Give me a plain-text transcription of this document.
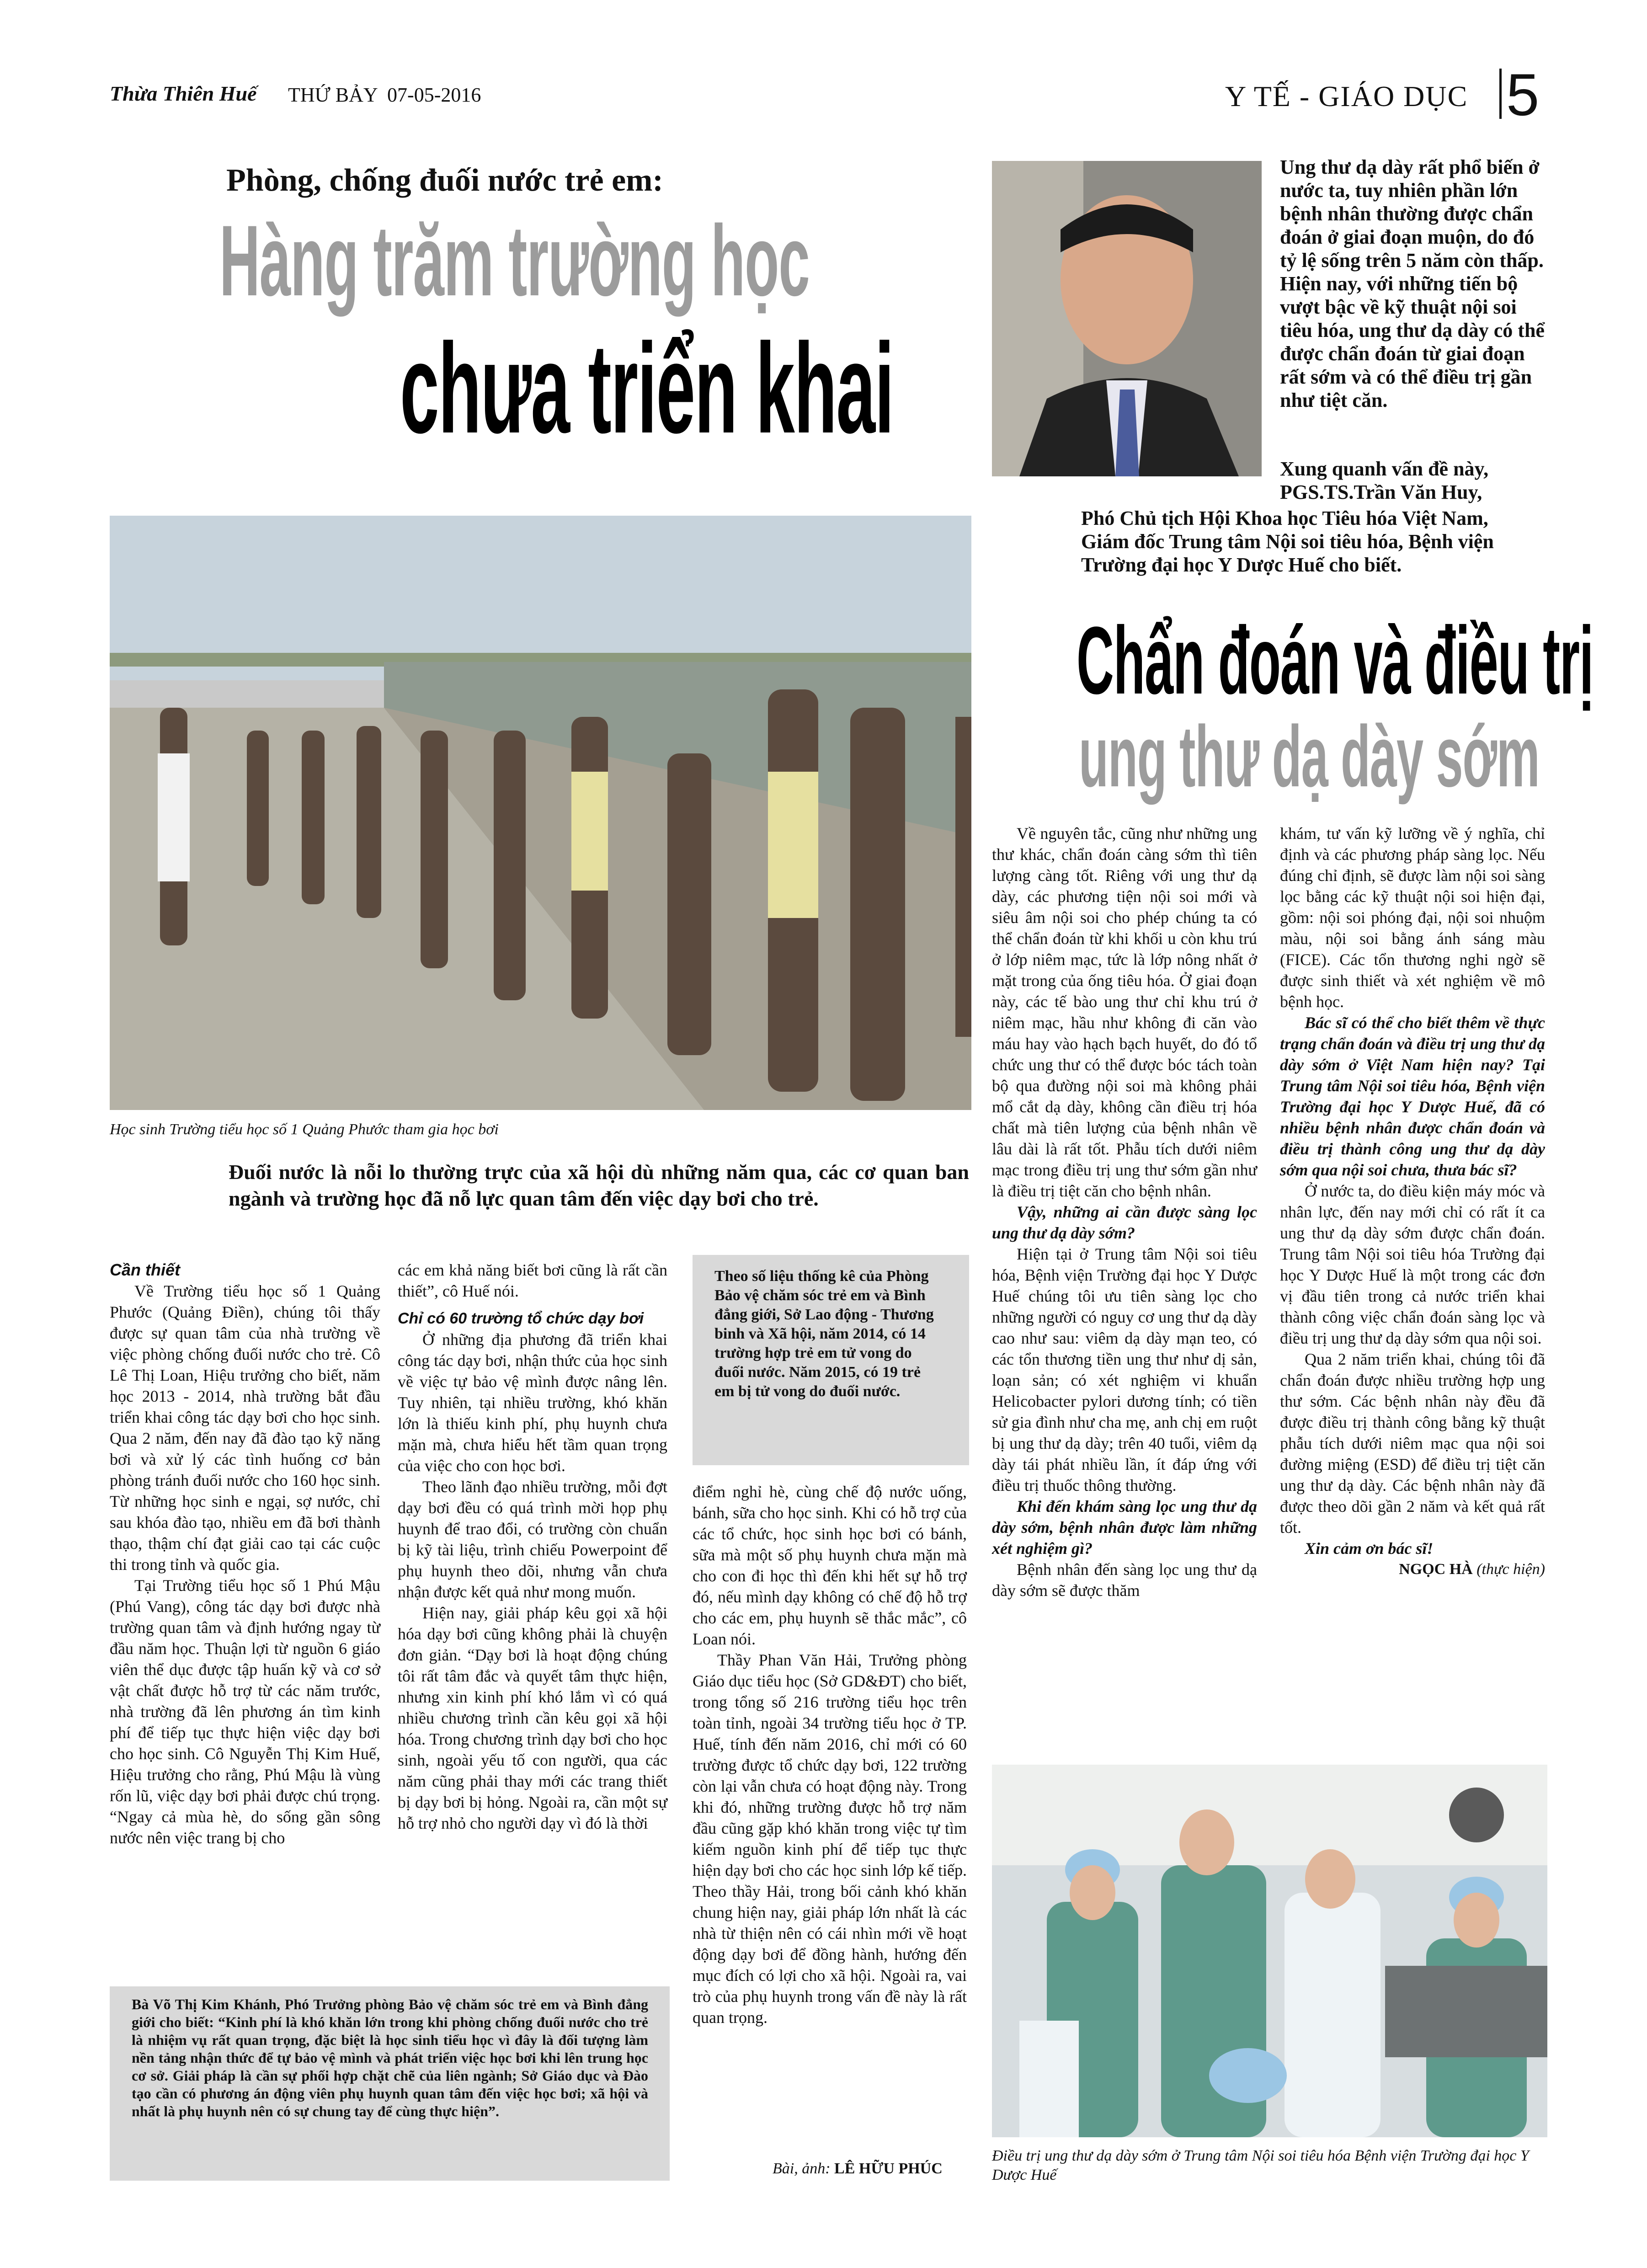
Thừa Thiên Huế THỨ BẢY  07-05-2016	Y TẾ - GIÁO DỤC 5
Phòng, chống đuối nước trẻ em:
Hàng trăm trường học
chưa triển khai
Học sinh Trường tiểu học số 1 Quảng Phước tham gia học bơi
Đuối nước là nỗi lo thường trực của xã hội dù những năm qua, các cơ quan ban ngành và trường học đã nỗ lực quan tâm đến việc dạy bơi cho trẻ.

Cần thiết

Về Trường tiểu học số 1 Quảng Phước (Quảng Điền), chúng tôi thấy được sự quan tâm của nhà trường về việc phòng chống đuối nước cho trẻ. Cô Lê Thị Loan, Hiệu trưởng cho biết, năm học 2013 - 2014, nhà trường bắt đầu triển khai công tác dạy bơi cho học sinh. Qua 2 năm, đến nay đã đào tạo kỹ năng bơi và xử lý các tình huống cơ bản phòng tránh đuối nước cho 160 học sinh. Từ những học sinh e ngại, sợ nước, chỉ sau khóa đào tạo, nhiều em đã bơi thành thạo, thậm chí đạt giải cao tại các cuộc thi trong tỉnh và quốc gia.

Tại Trường tiểu học số 1 Phú Mậu (Phú Vang), công tác dạy bơi được nhà trường quan tâm và định hướng ngay từ đầu năm học. Thuận lợi từ nguồn 6 giáo viên thể dục được tập huấn kỹ và cơ sở vật chất được hỗ trợ từ các năm trước, nhà trường đã lên phương án tìm kinh phí để tiếp tục thực hiện việc dạy bơi cho học sinh. Cô Nguyễn Thị Kim Huế, Hiệu trưởng cho rằng, Phú Mậu là vùng rốn lũ, việc dạy bơi phải được chú trọng. “Ngay cả mùa hè, do sống gần sông nước nên việc trang bị cho

các em khả năng biết bơi cũng là rất cần thiết”, cô Huế nói.

Chỉ có 60 trường tổ chức dạy bơi

Ở những địa phương đã triển khai công tác dạy bơi, nhận thức của học sinh về việc tự bảo vệ mình được nâng lên. Tuy nhiên, tại nhiều trường, khó khăn lớn là thiếu kinh phí, phụ huynh chưa mặn mà, chưa hiểu hết tầm quan trọng của việc cho con học bơi.

Theo lãnh đạo nhiều trường, mỗi đợt dạy bơi đều có quá trình mời họp phụ huynh để trao đổi, có trường còn chuẩn bị kỹ tài liệu, trình chiếu Powerpoint để phụ huynh theo dõi, nhưng vẫn chưa nhận được kết quả như mong muốn.

Hiện nay, giải pháp kêu gọi xã hội hóa dạy bơi cũng không phải là chuyện đơn giản. “Dạy bơi là hoạt động chúng tôi rất tâm đắc và quyết tâm thực hiện, nhưng xin kinh phí khó lắm vì có quá nhiều chương trình cần kêu gọi xã hội hóa. Trong chương trình dạy bơi cho học sinh, ngoài yếu tố con người, qua các năm cũng phải thay mới các trang thiết bị dạy bơi bị hỏng. Ngoài ra, cần một sự hỗ trợ nhỏ cho người dạy vì đó là thời

Theo số liệu thống kê của Phòng Bảo vệ chăm sóc trẻ em và Bình đẳng giới, Sở Lao động - Thương binh và Xã hội, năm 2014, có 14 trường hợp trẻ em tử vong do đuối nước. Năm 2015, có 19 trẻ em bị tử vong do đuối nước.

điểm nghỉ hè, cùng chế độ nước uống, bánh, sữa cho học sinh. Khi có hỗ trợ của các tổ chức, học sinh học bơi có bánh, sữa mà một số phụ huynh chưa mặn mà cho con đi học thì đến khi hết sự hỗ trợ đó, nếu mình dạy không có chế độ hỗ trợ cho các em, phụ huynh sẽ thắc mắc”, cô Loan nói.

Thầy Phan Văn Hải, Trưởng phòng Giáo dục tiểu học (Sở GD&ĐT) cho biết, trong tổng số 216 trường tiểu học trên toàn tỉnh, ngoài 34 trường tiểu học ở TP. Huế, tính đến năm 2016, chỉ mới có 60 trường được tổ chức dạy bơi, 122 trường còn lại vẫn chưa có hoạt động này. Trong khi đó, những trường được hỗ trợ năm đầu cũng gặp khó khăn trong việc tự tìm kiếm nguồn kinh phí để tiếp tục thực hiện dạy bơi cho các học sinh lớp kế tiếp. Theo thầy Hải, trong bối cảnh khó khăn chung hiện nay, giải pháp lớn nhất là các nhà từ thiện nên có cái nhìn mới về hoạt động dạy bơi để đồng hành, hướng đến mục đích có lợi cho xã hội. Ngoài ra, vai trò của phụ huynh trong vấn đề này là rất quan trọng.

Bà Võ Thị Kim Khánh, Phó Trưởng phòng Bảo vệ chăm sóc trẻ em và Bình đẳng giới cho biết: “Kinh phí là khó khăn lớn trong khi phòng chống đuối nước cho trẻ là nhiệm vụ rất quan trọng, đặc biệt là học sinh tiểu học vì đây là đối tượng làm nền tảng nhận thức để tự bảo vệ mình và phát triển việc học bơi khi lên trung học cơ sở. Giải pháp là cần sự phối hợp chặt chẽ của liên ngành; Sở Giáo dục và Đào tạo cần có phương án động viên phụ huynh quan tâm đến việc học bơi; xã hội và nhất là phụ huynh nên có sự chung tay để cùng thực hiện”.
Bài, ảnh: LÊ HỮU PHÚC
Ung thư dạ dày rất phổ biến ở nước ta, tuy nhiên phần lớn bệnh nhân thường được chẩn đoán ở giai đoạn muộn, do đó tỷ lệ sống trên 5 năm còn thấp. Hiện nay, với những tiến bộ vượt bậc về kỹ thuật nội soi tiêu hóa, ung thư dạ dày có thể được chẩn đoán từ giai đoạn rất sớm và có thể điều trị gần như tiệt căn.
Xung quanh vấn đề này, PGS.TS.Trần Văn Huy,
Phó Chủ tịch Hội Khoa học Tiêu hóa Việt Nam, Giám đốc Trung tâm Nội soi tiêu hóa, Bệnh viện Trường đại học Y Dược Huế cho biết.
Chẩn đoán và điều trị
ung thư dạ dày sớm

Về nguyên tắc, cũng như những ung thư khác, chẩn đoán càng sớm thì tiên lượng càng tốt. Riêng với ung thư dạ dày, các phương tiện nội soi mới và siêu âm nội soi cho phép chúng ta có thể chẩn đoán từ khi khối u còn khu trú ở lớp niêm mạc, tức là lớp nông nhất ở mặt trong của ống tiêu hóa. Ở giai đoạn này, các tế bào ung thư chỉ khu trú ở niêm mạc, hầu như không đi căn vào máu hay vào hạch bạch huyết, do đó tổ chức ung thư có thể được bóc tách toàn bộ qua đường nội soi mà không phải mổ cắt dạ dày, không cần điều trị hóa chất mà tiên lượng của bệnh nhân về lâu dài là rất tốt. Phẫu tích dưới niêm mạc trong điều trị ung thư sớm gần như là điều trị tiệt căn cho bệnh nhân.

Vậy, những ai cần được sàng lọc ung thư dạ dày sớm?

Hiện tại ở Trung tâm Nội soi tiêu hóa, Bệnh viện Trường đại học Y Dược Huế chúng tôi ưu tiên sàng lọc cho những người có nguy cơ ung thư dạ dày cao như sau: viêm dạ dày mạn teo, có các tổn thương tiền ung thư như dị sản, loạn sản; có xét nghiệm vi khuẩn Helicobacter pylori dương tính; có tiền sử gia đình như cha mẹ, anh chị em ruột bị ung thư dạ dày; trên 40 tuổi, viêm dạ dày tái phát nhiều lần, ít đáp ứng với điều trị thuốc thông thường.

Khi đến khám sàng lọc ung thư dạ dày sớm, bệnh nhân được làm những xét nghiệm gì?

Bệnh nhân đến sàng lọc ung thư dạ dày sớm sẽ được thăm

khám, tư vấn kỹ lưỡng về ý nghĩa, chỉ định và các phương pháp sàng lọc. Nếu đúng chỉ định, sẽ được làm nội soi sàng lọc bằng các kỹ thuật nội soi hiện đại, gồm: nội soi phóng đại, nội soi nhuộm màu, nội soi bằng ánh sáng màu (FICE). Các tổn thương nghi ngờ sẽ được sinh thiết và xét nghiệm về mô bệnh học.

Bác sĩ có thể cho biết thêm về thực trạng chẩn đoán và điều trị ung thư dạ dày sớm ở Việt Nam hiện nay? Tại Trung tâm Nội soi tiêu hóa, Bệnh viện Trường đại học Y Dược Huế, đã có nhiều bệnh nhân được chẩn đoán và điều trị thành công ung thư dạ dày sớm qua nội soi chưa, thưa bác sĩ?

Ở nước ta, do điều kiện máy móc và nhân lực, đến nay mới chỉ có rất ít ca ung thư dạ dày sớm được chẩn đoán. Trung tâm Nội soi tiêu hóa Trường đại học Y Dược Huế là một trong các đơn vị đầu tiên trong cả nước triển khai thành công việc chẩn đoán sàng lọc và điều trị ung thư dạ dày sớm qua nội soi.

Qua 2 năm triển khai, chúng tôi đã chẩn đoán được nhiều trường hợp ung thư sớm. Các bệnh nhân này đều đã được điều trị thành công bằng kỹ thuật phẫu tích dưới niêm mạc qua nội soi đường miệng (ESD) để điều trị tiệt căn ung thư dạ dày. Các bệnh nhân này đã được theo dõi gần 2 năm và kết quả rất tốt.

Xin cảm ơn bác sĩ!

NGỌC HÀ (thực hiện)

Điều trị ung thư dạ dày sớm ở Trung tâm Nội soi tiêu hóa Bệnh viện Trường đại học Y Dược Huế
